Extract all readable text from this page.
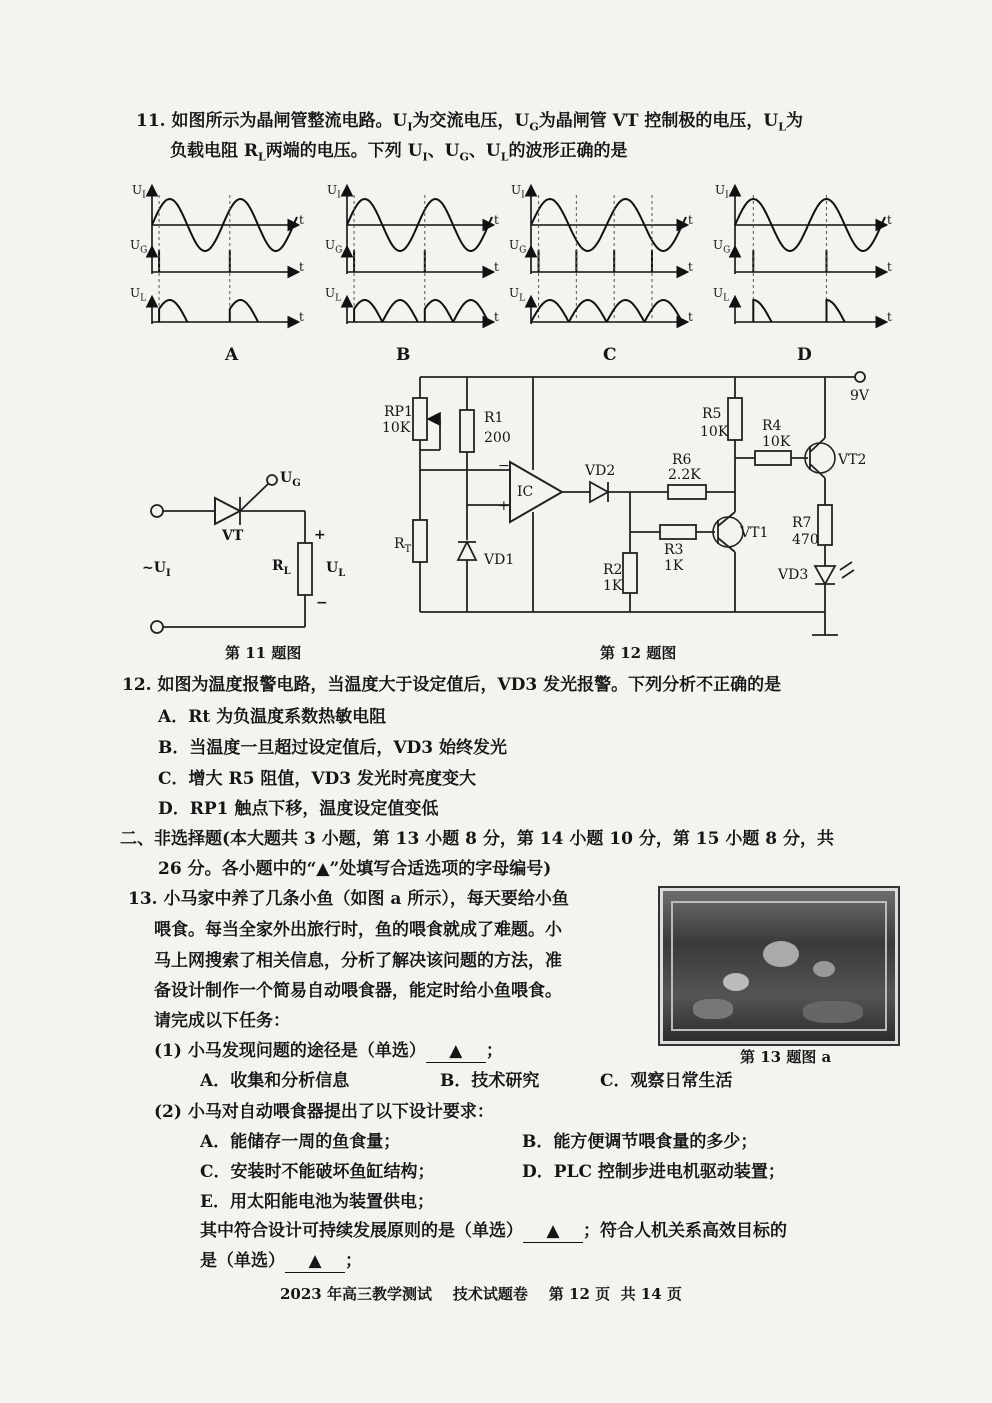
11. 如图所示为晶闸管整流电路。$U_I$为交流电压，$U_G$为晶闸管 VT 控制极的电压，$U_L$为
负载电阻 $R_L$两端的电压。下列 $U_I$、$U_G$、$U_L$的波形正确的是
A	B	C	D
t
t
t
$U_I$
$U_G$
$U_L$
t
t
t
$U_I$
$U_G$
$U_L$
t
t
t
$U_I$
$U_G$
$U_L$
t
t
t
$U_I$
$U_G$
$U_L$
VT
$U_G$
$\sim U_I$	$R_L$	$U_L$
+
−
第 11 题图
9V
RP1
10K
R1
200
$R_T$
VD1
IC
−
+
VD2
R6
2.2K
R5
10K R4
10K
VT2
R3
1K
VT1
R2
1K
R7
470
VD3
第 12 题图
12. 如图为温度报警电路，当温度大于设定值后，VD3 发光报警。下列分析不正确的是
A．Rt 为负温度系数热敏电阻
B．当温度一旦超过设定值后，VD3 始终发光
C．增大 R5 阻值，VD3 发光时亮度变大
D．RP1 触点下移，温度设定值变低
二、非选择题(本大题共 3 小题，第 13 小题 8 分，第 14 小题 10 分，第 15 小题 8 分，共
26 分。各小题中的“▲”处填写合适选项的字母编号)
13. 小马家中养了几条小鱼（如图 a 所示），每天要给小鱼
喂食。每当全家外出旅行时，鱼的喂食就成了难题。小
马上网搜索了相关信息，分析了解决该问题的方法，准
备设计制作一个简易自动喂食器，能定时给小鱼喂食。
请完成以下任务：
第 13 题图 a
(1) 小马发现问题的途径是（单选） ▲ ；
A．收集和分析信息	B．技术研究	C．观察日常生活
(2) 小马对自动喂食器提出了以下设计要求：
A．能储存一周的鱼食量；	B．能方便调节喂食量的多少；
C．安装时不能破坏鱼缸结构；	D．PLC 控制步进电机驱动装置；
E．用太阳能电池为装置供电；
其中符合设计可持续发展原则的是（单选） ▲ ；符合人机关系高效目标的
是（单选） ▲ ；
2023 年高三教学测试 技术试题卷 第 12 页 共 14 页
